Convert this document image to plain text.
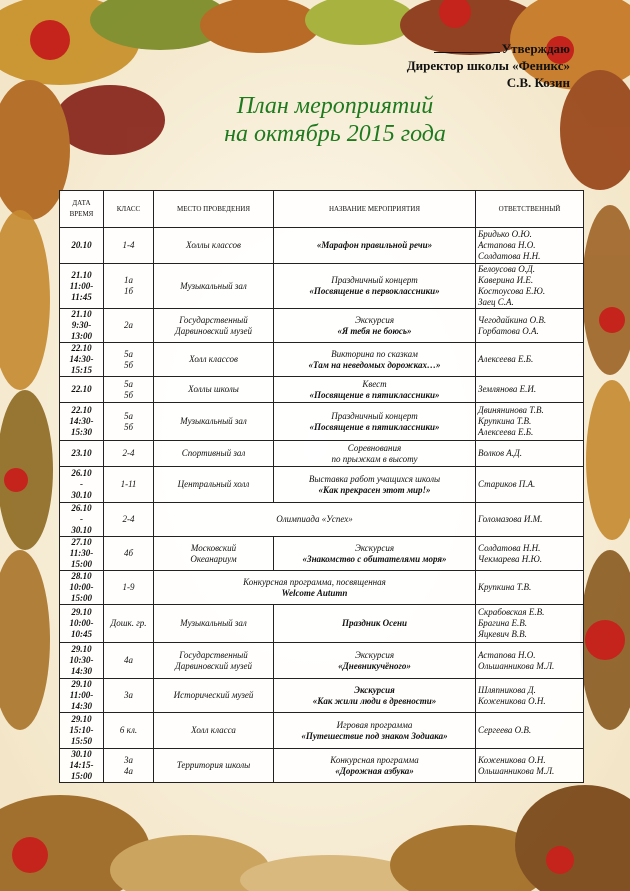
Утверждаю
Директор школы «Феникс»
С.В. Козин
План мероприятий
на октябрь 2015 года
ДАТА
ВРЕМЯ	КЛАСС	МЕСТО ПРОВЕДЕНИЯ	НАЗВАНИЕ МЕРОПРИЯТИЯ	ОТВЕТСТВЕННЫЙ

20.10	1-4	Холлы классов	«Марафон правильной речи»	Бридько О.Ю.
Астапова Н.О.
Солдатова Н.Н.

21.10
11:00-
11:45	1а
1б	Музыкальный зал	Праздничный концерт
«Посвящение в первоклассники»	Белоусова О.Д.
Каверина И.Е.
Костоусова Е.Ю.
Заец С.А.

21.10
9:30-
13:00	2а	Государственный
Дарвиновский музей	Экскурсия
«Я тебя не боюсь»	Чегодайкина О.В.
Горбатова О.А.

22.10
14:30-
15:15	5а
5б	Холл классов	Викторина по сказкам
«Там на неведомых дорожках…»	Алексеева Е.Б.

22.10	5а
5б	Холлы школы	Квест
«Посвящение в пятиклассники»	Землянова Е.И.

22.10
14:30-
15:30	5а
5б	Музыкальный зал	Праздничный концерт
«Посвящение в пятиклассники»	Двинянинова Т.В.
Крупкина Т.В.
Алексеева Е.Б.

23.10	2-4	Спортивный зал	Соревнования
по прыжкам в высоту	Волков А.Д.

26.10
-
30.10	1-11	Центральный холл	Выставка работ учащихся школы
«Как прекрасен этот мир!»	Стариков П.А.

26.10
-
30.10	2-4	Олимпиада «Успех»		Голомазова И.М.

27.10
11:30-
15:00	4б	Московский
Океанариум	Экскурсия
«Знакомство с обитателями моря»	Солдатова Н.Н.
Чекмарева Н.Ю.

28.10
10:00-
15:00	1-9	Конкурсная программа, посвященная
Welcome Autumn		Крупкина Т.В.

29.10
10:00-
10:45	Дошк. гр.	Музыкальный зал	Праздник Осени	Скрабовская Е.В.
Брагина Е.В.
Яцкевич В.В.

29.10
10:30-
14:30	4а	Государственный
Дарвиновский музей	Экскурсия
«Дневникучёного»	Астапова Н.О.
Ольшанникова М.Л.

29.10
11:00-
14:30	3а	Исторический музей	Экскурсия
«Как жили люди в древности»	Шляпникова Д.
Коженикова О.Н.

29.10
15:10-
15:50	6 кл.	Холл класса	Игровая программа
«Путешествие под знаком Зодиака»	Сергеева О.В.

30.10
14:15-
15:00	3а
4а	Территория школы	Конкурсная программа
«Дорожная азбука»	Коженикова О.Н.
Ольшанникова М.Л.
